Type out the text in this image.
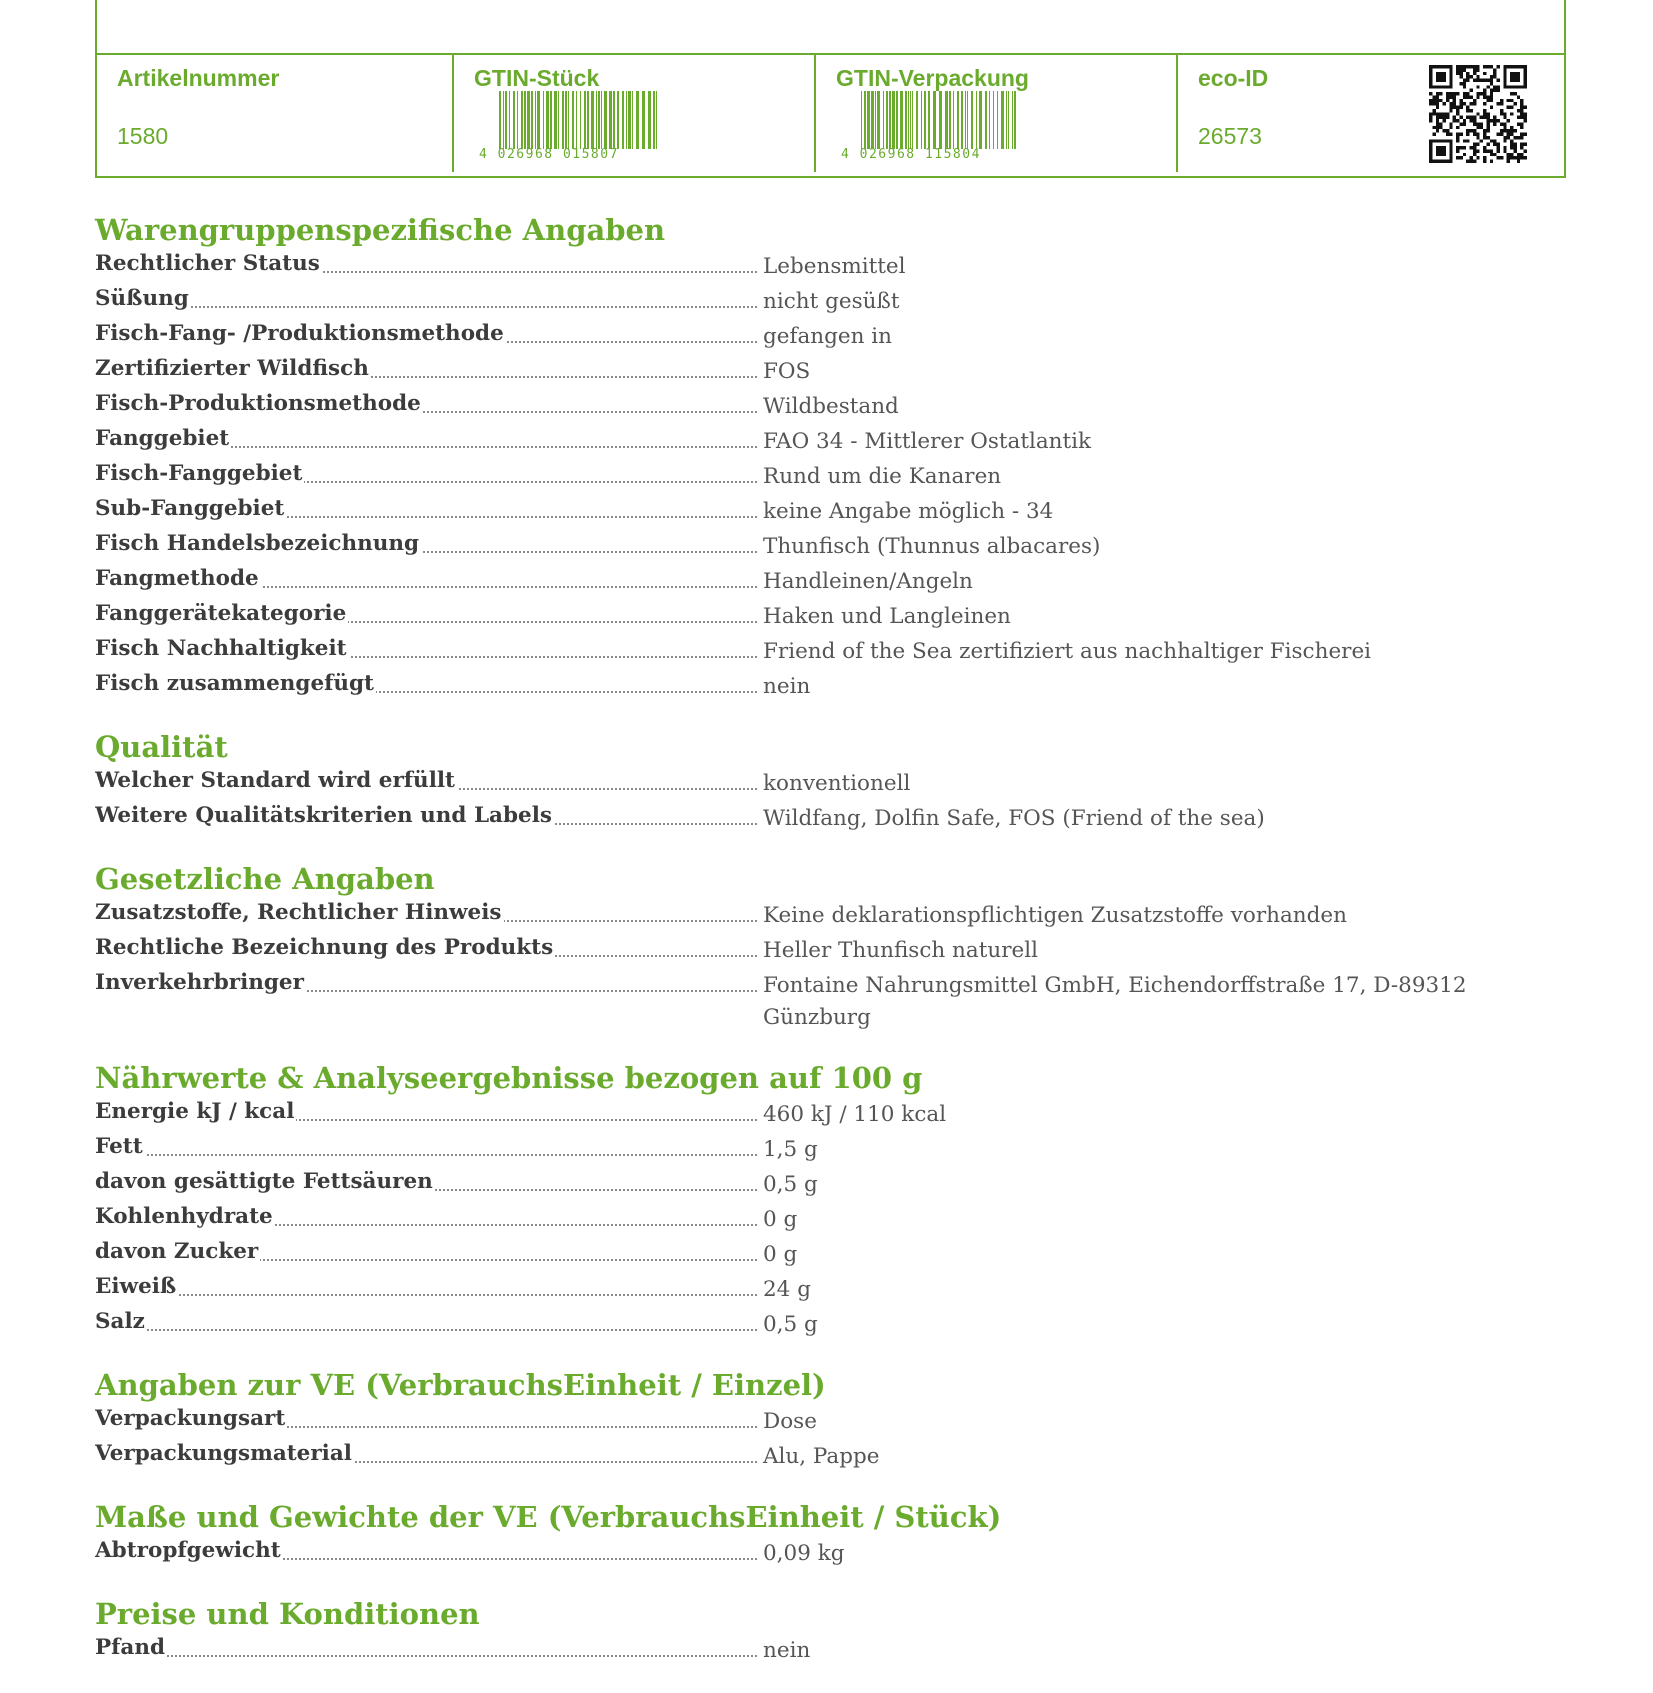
Artikelnummer
1580
GTIN-Stück
4 026968 015807
GTIN-Verpackung
4 026968 115804
eco-ID
26573
Warengruppenspezifische Angaben
Rechtlicher Status	Lebensmittel
Süßung	nicht gesüßt
Fisch-Fang- /Produktionsmethode	gefangen in
Zertifizierter Wildfisch	FOS
Fisch-Produktionsmethode	Wildbestand
Fanggebiet	FAO 34 - Mittlerer Ostatlantik
Fisch-Fanggebiet	Rund um die Kanaren
Sub-Fanggebiet	keine Angabe möglich - 34
Fisch Handelsbezeichnung	Thunfisch (Thunnus albacares)
Fangmethode	Handleinen/Angeln
Fanggerätekategorie	Haken und Langleinen
Fisch Nachhaltigkeit	Friend of the Sea zertifiziert aus nachhaltiger Fischerei
Fisch zusammengefügt	nein
Qualität
Welcher Standard wird erfüllt	konventionell
Weitere Qualitätskriterien und Labels	Wildfang, Dolfin Safe, FOS (Friend of the sea)
Gesetzliche Angaben
Zusatzstoffe, Rechtlicher Hinweis	Keine deklarationspflichtigen Zusatzstoffe vorhanden
Rechtliche Bezeichnung des Produkts	Heller Thunfisch naturell
Inverkehrbringer	Fontaine Nahrungsmittel GmbH, Eichendorffstraße 17, D-89312 Günzburg
Nährwerte & Analyseergebnisse bezogen auf 100 g
Energie kJ / kcal	460 kJ / 110 kcal
Fett	1,5 g
davon gesättigte Fettsäuren	0,5 g
Kohlenhydrate	0 g
davon Zucker	0 g
Eiweiß	24 g
Salz	0,5 g
Angaben zur VE (VerbrauchsEinheit / Einzel)
Verpackungsart	Dose
Verpackungsmaterial	Alu, Pappe
Maße und Gewichte der VE (VerbrauchsEinheit / Stück)
Abtropfgewicht	0,09 kg
Preise und Konditionen
Pfand	nein
